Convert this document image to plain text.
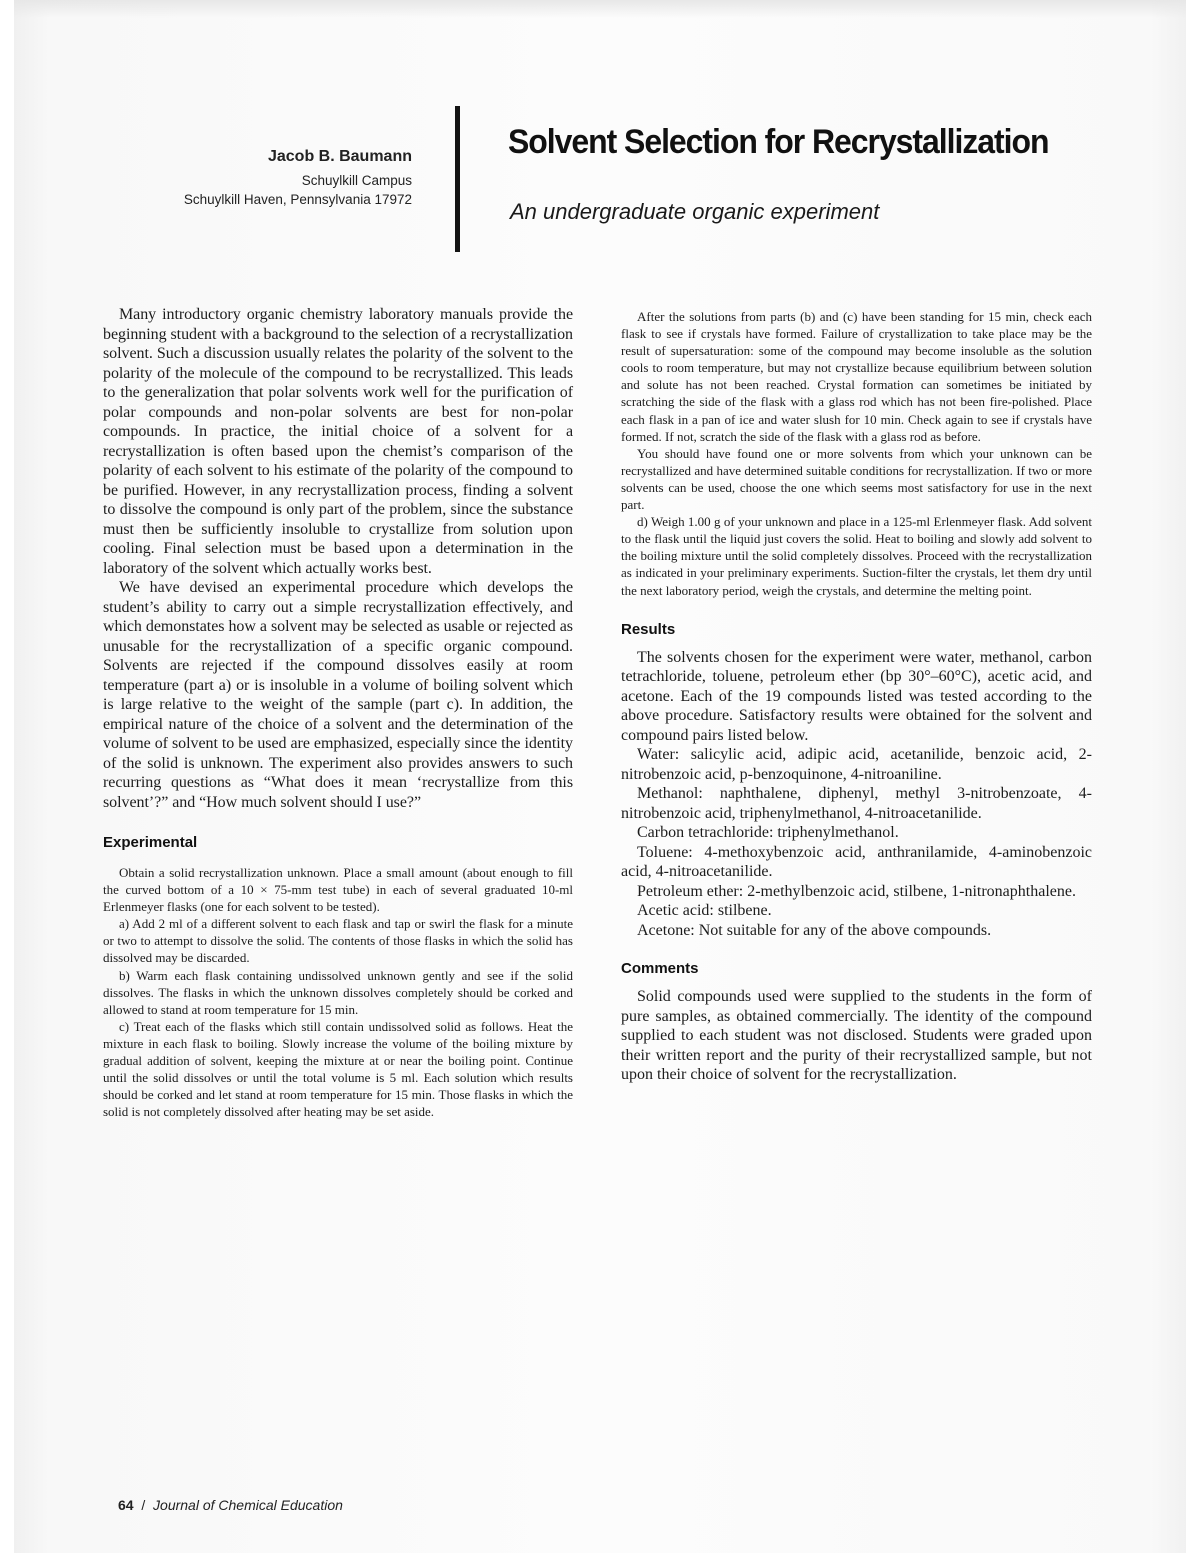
Jacob B. Baumann
Schuylkill Campus
Schuylkill Haven, Pennsylvania 17972
Solvent Selection for Recrystallization
An undergraduate organic experiment

Many introductory organic chemistry laboratory manuals provide the beginning student with a background to the selection of a recrystallization solvent. Such a discussion usually relates the polarity of the solvent to the polarity of the molecule of the compound to be recrystallized. This leads to the generalization that polar solvents work well for the purification of polar compounds and non-polar solvents are best for non-polar compounds. In practice, the initial choice of a solvent for a recrystallization is often based upon the chemist’s comparison of the polarity of each solvent to his estimate of the polarity of the compound to be purified. However, in any recrystallization process, finding a solvent to dissolve the compound is only part of the problem, since the substance must then be sufficiently insoluble to crystallize from solution upon cooling. Final selection must be based upon a determination in the laboratory of the solvent which actually works best.

We have devised an experimental procedure which develops the student’s ability to carry out a simple recrystallization effectively, and which demonstates how a solvent may be selected as usable or rejected as unusable for the recrystallization of a specific organic compound. Solvents are rejected if the compound dissolves easily at room temperature (part a) or is insoluble in a volume of boiling solvent which is large relative to the weight of the sample (part c). In addition, the empirical nature of the choice of a solvent and the determination of the volume of solvent to be used are emphasized, especially since the identity of the solid is unknown. The experiment also provides answers to such recurring questions as “What does it mean ‘recrystallize from this solvent’?” and “How much solvent should I use?”

Experimental

Obtain a solid recrystallization unknown. Place a small amount (about enough to fill the curved bottom of a 10 × 75-mm test tube) in each of several graduated 10-ml Erlenmeyer flasks (one for each solvent to be tested).

a) Add 2 ml of a different solvent to each flask and tap or swirl the flask for a minute or two to attempt to dissolve the solid. The contents of those flasks in which the solid has dissolved may be discarded.

b) Warm each flask containing undissolved unknown gently and see if the solid dissolves. The flasks in which the unknown dissolves completely should be corked and allowed to stand at room temperature for 15 min.

c) Treat each of the flasks which still contain undissolved solid as follows. Heat the mixture in each flask to boiling. Slowly increase the volume of the boiling mixture by gradual addition of solvent, keeping the mixture at or near the boiling point. Continue until the solid dissolves or until the total volume is 5 ml. Each solution which results should be corked and let stand at room temperature for 15 min. Those flasks in which the solid is not completely dissolved after heating may be set aside.

After the solutions from parts (b) and (c) have been standing for 15 min, check each flask to see if crystals have formed. Failure of crystallization to take place may be the result of supersaturation: some of the compound may become insoluble as the solution cools to room temperature, but may not crystallize because equilibrium between solution and solute has not been reached. Crystal formation can sometimes be initiated by scratching the side of the flask with a glass rod which has not been fire-polished. Place each flask in a pan of ice and water slush for 10 min. Check again to see if crystals have formed. If not, scratch the side of the flask with a glass rod as before.

You should have found one or more solvents from which your unknown can be recrystallized and have determined suitable conditions for recrystallization. If two or more solvents can be used, choose the one which seems most satisfactory for use in the next part.

d) Weigh 1.00 g of your unknown and place in a 125-ml Erlenmeyer flask. Add solvent to the flask until the liquid just covers the solid. Heat to boiling and slowly add solvent to the boiling mixture until the solid completely dissolves. Proceed with the recrystallization as indicated in your preliminary experiments. Suction-filter the crystals, let them dry until the next laboratory period, weigh the crystals, and determine the melting point.

Results

The solvents chosen for the experiment were water, methanol, carbon tetrachloride, toluene, petroleum ether (bp 30°–60°C), acetic acid, and acetone. Each of the 19 compounds listed was tested according to the above procedure. Satisfactory results were obtained for the solvent and compound pairs listed below.

Water: salicylic acid, adipic acid, acetanilide, benzoic acid, 2-nitrobenzoic acid, p-benzoquinone, 4-nitroaniline.

Methanol: naphthalene, diphenyl, methyl 3-nitrobenzoate, 4-nitrobenzoic acid, triphenylmethanol, 4-nitroacetanilide.

Carbon tetrachloride: triphenylmethanol.

Toluene: 4-methoxybenzoic acid, anthranilamide, 4-aminobenzoic acid, 4-nitroacetanilide.

Petroleum ether: 2-methylbenzoic acid, stilbene, 1-nitronaphthalene.

Acetic acid: stilbene.

Acetone: Not suitable for any of the above compounds.

Comments

Solid compounds used were supplied to the students in the form of pure samples, as obtained commercially. The identity of the compound supplied to each student was not disclosed. Students were graded upon their written report and the purity of their recrystallized sample, but not upon their choice of solvent for the recrystallization.

64 / Journal of Chemical Education
